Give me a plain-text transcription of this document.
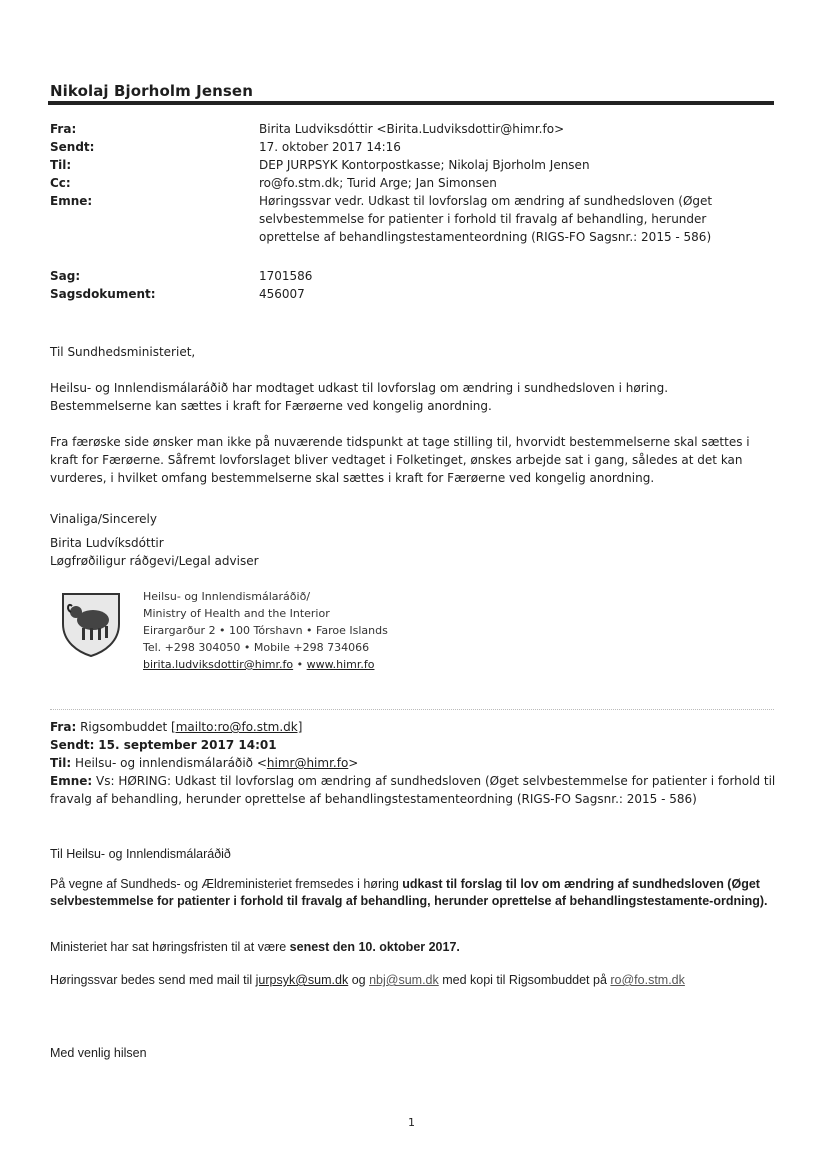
Nikolaj Bjorholm Jensen
Fra:	Birita Ludviksdóttir <Birita.Ludviksdottir@himr.fo>
Sendt:	17. oktober 2017 14:16
Til:	DEP JURPSYK Kontorpostkasse; Nikolaj Bjorholm Jensen
Cc:	ro@fo.stm.dk; Turid Arge; Jan Simonsen
Emne:	Høringssvar vedr. Udkast til lovforslag om ændring af sundhedsloven (Øget selvbestemmelse for patienter i forhold til fravalg af behandling, herunder oprettelse af behandlingstestamenteordning (RIGS-FO Sagsnr.: 2015 - 586)
Sag:	1701586
Sagsdokument:	456007
Til Sundhedsministeriet,
Heilsu- og Innlendismálaráðið har modtaget udkast til lovforslag om ændring i sundhedsloven i høring. Bestemmelserne kan sættes i kraft for Færøerne ved kongelig anordning.
Fra færøske side ønsker man ikke på nuværende tidspunkt at tage stilling til, hvorvidt bestemmelserne skal sættes i kraft for Færøerne. Såfremt lovforslaget bliver vedtaget i Folketinget, ønskes arbejde sat i gang, således at det kan vurderes, i hvilket omfang bestemmelserne skal sættes i kraft for Færøerne ved kongelig anordning.
Vinaliga/Sincerely
Birita Ludvíksdóttir
Løgfrøðiligur ráðgevi/Legal adviser
Heilsu- og Innlendismálaráðið/
Ministry of Health and the Interior
Eirargarður 2 • 100 Tórshavn • Faroe Islands
Tel. +298 304050 • Mobile +298 734066
birita.ludviksdottir@himr.fo • www.himr.fo
Fra: Rigsombuddet [mailto:ro@fo.stm.dk]
Sendt: 15. september 2017 14:01
Til: Heilsu- og innlendismálaráðið <himr@himr.fo>
Emne: Vs: HØRING: Udkast til lovforslag om ændring af sundhedsloven (Øget selvbestemmelse for patienter i forhold til fravalg af behandling, herunder oprettelse af behandlingstestamenteordning (RIGS-FO Sagsnr.: 2015 - 586)
Til Heilsu- og Innlendismálaráðið
På vegne af Sundheds- og Ældreministeriet fremsedes i høring udkast til forslag til lov om ændring af sundhedsloven (Øget selvbestemmelse for patienter i forhold til fravalg af behandling, herunder oprettelse af behandlingstestamente-ordning).
Ministeriet har sat høringsfristen til at være senest den 10. oktober 2017.
Høringssvar bedes send med mail til jurpsyk@sum.dk og nbj@sum.dk med kopi til Rigsombuddet på ro@fo.stm.dk
Med venlig hilsen
1
